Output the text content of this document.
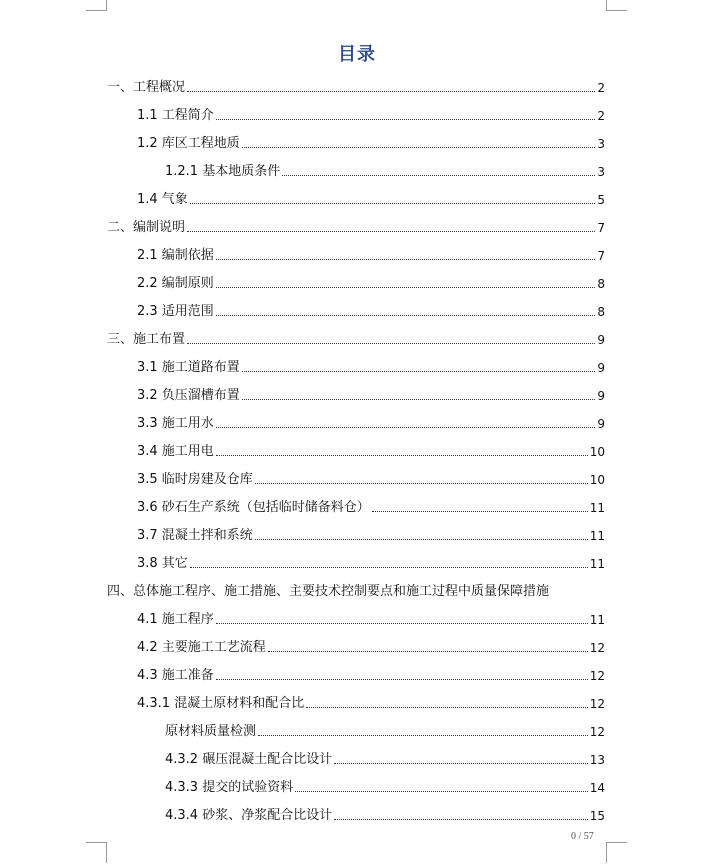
目录
一、工程概况	2
1.1 工程简介	2
1.2 库区工程地质	3
1.2.1 基本地质条件	3
1.4 气象	5
二、编制说明	7
2.1 编制依据	7
2.2 编制原则	8
2.3 适用范围	8
三、施工布置	9
3.1 施工道路布置	9
3.2 负压溜槽布置	9
3.3 施工用水	9
3.4 施工用电	10
3.5 临时房建及仓库	10
3.6 砂石生产系统（包括临时储备料仓）	11
3.7 混凝土拌和系统	11
3.8 其它	11
四、总体施工程序、施工措施、主要技术控制要点和施工过程中质量保障措施
4.1 施工程序	11
4.2 主要施工工艺流程	12
4.3 施工准备	12
4.3.1 混凝土原材料和配合比	12
原材料质量检测	12
4.3.2 碾压混凝土配合比设计	13
4.3.3 提交的试验资料	14
4.3.4 砂浆、净浆配合比设计	15
0 / 57
